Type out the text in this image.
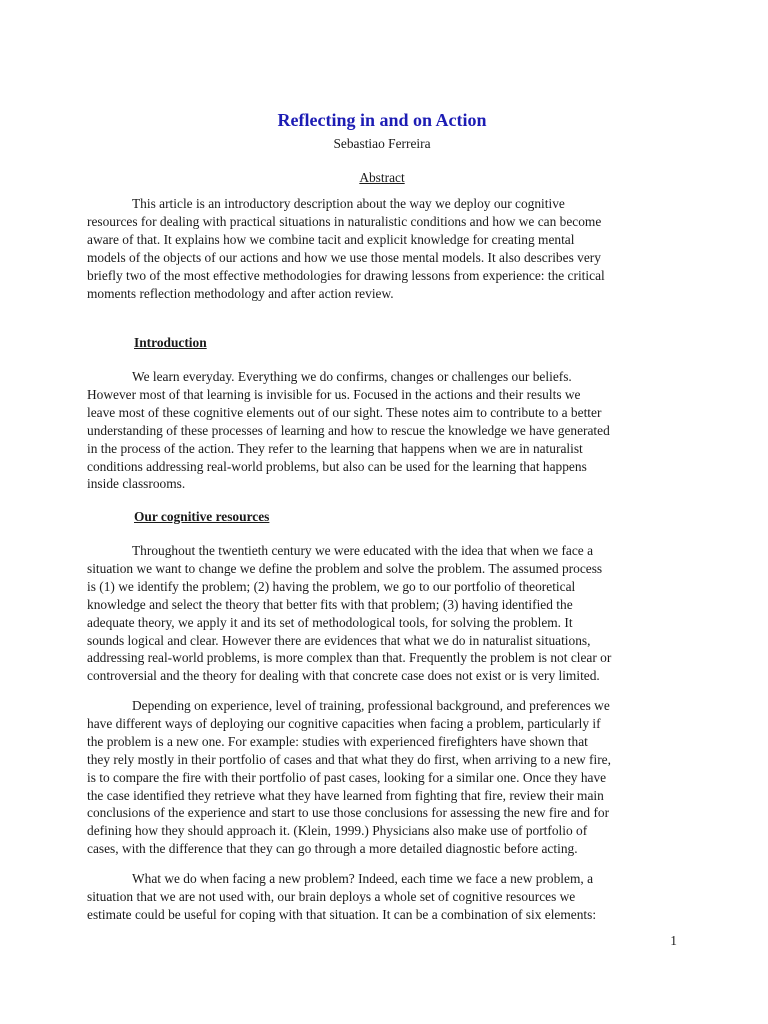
Reflecting in and on Action
Sebastiao Ferreira
Abstract
This article is an introductory description about the way we deploy our cognitive
resources for dealing with practical situations in naturalistic conditions and how we can become
aware of that. It explains how we combine tacit and explicit knowledge for creating mental
models of the objects of our actions and how we use those mental models. It also describes very
briefly two of the most effective methodologies for drawing lessons from experience: the critical
moments reflection methodology and after action review.
Introduction
We learn everyday. Everything we do confirms, changes or challenges our beliefs.
However most of that learning is invisible for us. Focused in the actions and their results we
leave most of these cognitive elements out of our sight. These notes aim to contribute to a better
understanding of these processes of learning and how to rescue the knowledge we have generated
in the process of the action. They refer to the learning that happens when we are in naturalist
conditions addressing real-world problems, but also can be used for the learning that happens
inside classrooms.
Our cognitive resources
Throughout the twentieth century we were educated with the idea that when we face a
situation we want to change we define the problem and solve the problem. The assumed process
is (1) we identify the problem; (2) having the problem, we go to our portfolio of theoretical
knowledge and select the theory that better fits with that problem; (3) having identified the
adequate theory, we apply it and its set of methodological tools, for solving the problem. It
sounds logical and clear. However there are evidences that what we do in naturalist situations,
addressing real-world problems, is more complex than that. Frequently the problem is not clear or
controversial and the theory for dealing with that concrete case does not exist or is very limited.
Depending on experience, level of training, professional background, and preferences we
have different ways of deploying our cognitive capacities when facing a problem, particularly if
the problem is a new one. For example: studies with experienced firefighters have shown that
they rely mostly in their portfolio of cases and that what they do first, when arriving to a new fire,
is to compare the fire with their portfolio of past cases, looking for a similar one. Once they have
the case identified they retrieve what they have learned from fighting that fire, review their main
conclusions of the experience and start to use those conclusions for assessing the new fire and for
defining how they should approach it. (Klein, 1999.) Physicians also make use of portfolio of
cases, with the difference that they can go through a more detailed diagnostic before acting.
What we do when facing a new problem? Indeed, each time we face a new problem, a
situation that we are not used with, our brain deploys a whole set of cognitive resources we
estimate could be useful for coping with that situation. It can be a combination of six elements:
1
